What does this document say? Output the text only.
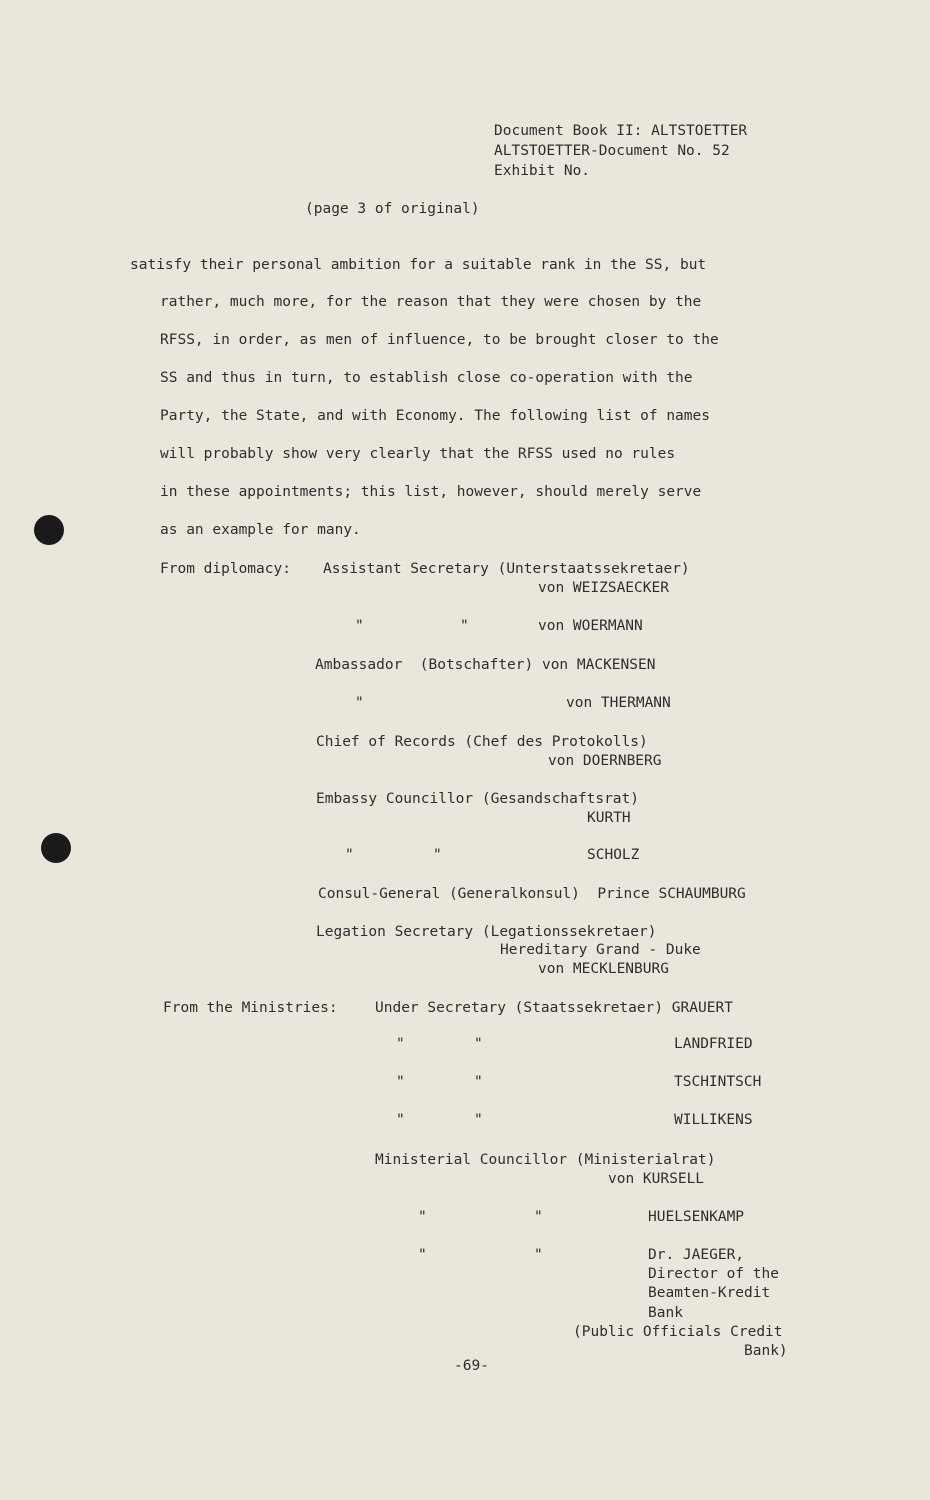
Document Book II: ALTSTOETTER
ALTSTOETTER-Document No. 52
Exhibit No.
(page 3 of original)
satisfy their personal ambition for a suitable rank in the SS, but
rather, much more, for the reason that they were chosen by the
RFSS, in order, as men of influence, to be brought closer to the
SS and thus in turn, to establish close co-operation with the
Party, the State, and with Economy. The following list of names
will probably show very clearly that the RFSS used no rules
in these appointments; this list, however, should merely serve
as an example for many.
From diplomacy: Assistant Secretary (Unterstaatssekretaer)
von WEIZSAECKER
"	"	von WOERMANN
Ambassador  (Botschafter) von MACKENSEN
"	von THERMANN
Chief of Records (Chef des Protokolls)
von DOERNBERG
Embassy Councillor (Gesandschaftsrat)
KURTH
"	"	SCHOLZ
Consul-General (Generalkonsul)  Prince SCHAUMBURG
Legation Secretary (Legationssekretaer)
Hereditary Grand - Duke
von MECKLENBURG
From the Ministries:	Under Secretary (Staatssekretaer) GRAUERT
"	"	LANDFRIED
"	"	TSCHINTSCH
"	"	WILLIKENS
Ministerial Councillor (Ministerialrat)
von KURSELL
"	"	HUELSENKAMP
"	"	Dr. JAEGER,
Director of the
Beamten-Kredit
Bank
(Public Officials Credit
Bank)
-69-
